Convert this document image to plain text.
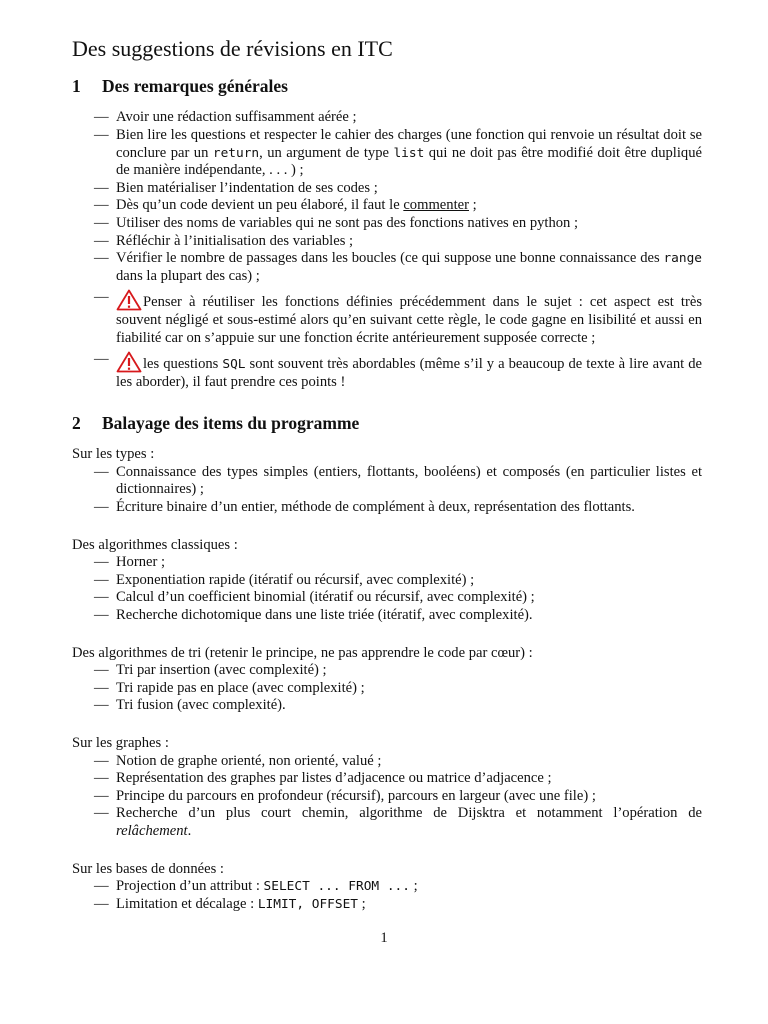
Des suggestions de révisions en ITC
1 Des remarques générales
— Avoir une rédaction suffisamment aérée ;
— Bien lire les questions et respecter le cahier des charges (une fonction qui renvoie un résultat doit se conclure par un return, un argument de type list qui ne doit pas être modifié doit être dupliqué de manière indépendante, . . . ) ;
— Bien matérialiser l’indentation de ses codes ;
— Dès qu’un code devient un peu élaboré, il faut le commenter ;
— Utiliser des noms de variables qui ne sont pas des fonctions natives en python ;
— Réfléchir à l’initialisation des variables ;
— Vérifier le nombre de passages dans les boucles (ce qui suppose une bonne connaissance des range dans la plupart des cas) ;
— Penser à réutiliser les fonctions définies précédemment dans le sujet : cet aspect est très souvent négligé et sous-estimé alors qu’en suivant cette règle, le code gagne en lisibilité et aussi en fiabilité car on s’appuie sur une fonction écrite antérieurement supposée correcte ;
— les questions SQL sont souvent très abordables (même s’il y a beaucoup de texte à lire avant de les aborder), il faut prendre ces points !
2 Balayage des items du programme
Sur les types :
— Connaissance des types simples (entiers, flottants, booléens) et composés (en particulier listes et dictionnaires) ;
— Écriture binaire d’un entier, méthode de complément à deux, représentation des flottants.
Des algorithmes classiques :
— Horner ;
— Exponentiation rapide (itératif ou récursif, avec complexité) ;
— Calcul d’un coefficient binomial (itératif ou récursif, avec complexité) ;
— Recherche dichotomique dans une liste triée (itératif, avec complexité).
Des algorithmes de tri (retenir le principe, ne pas apprendre le code par cœur) :
— Tri par insertion (avec complexité) ;
— Tri rapide pas en place (avec complexité) ;
— Tri fusion (avec complexité).
Sur les graphes :
— Notion de graphe orienté, non orienté, valué ;
— Représentation des graphes par listes d’adjacence ou matrice d’adjacence ;
— Principe du parcours en profondeur (récursif), parcours en largeur (avec une file) ;
— Recherche d’un plus court chemin, algorithme de Dijsktra et notamment l’opération de relâchement.
Sur les bases de données :
— Projection d’un attribut : SELECT ... FROM ... ;
— Limitation et décalage : LIMIT, OFFSET ;
1
